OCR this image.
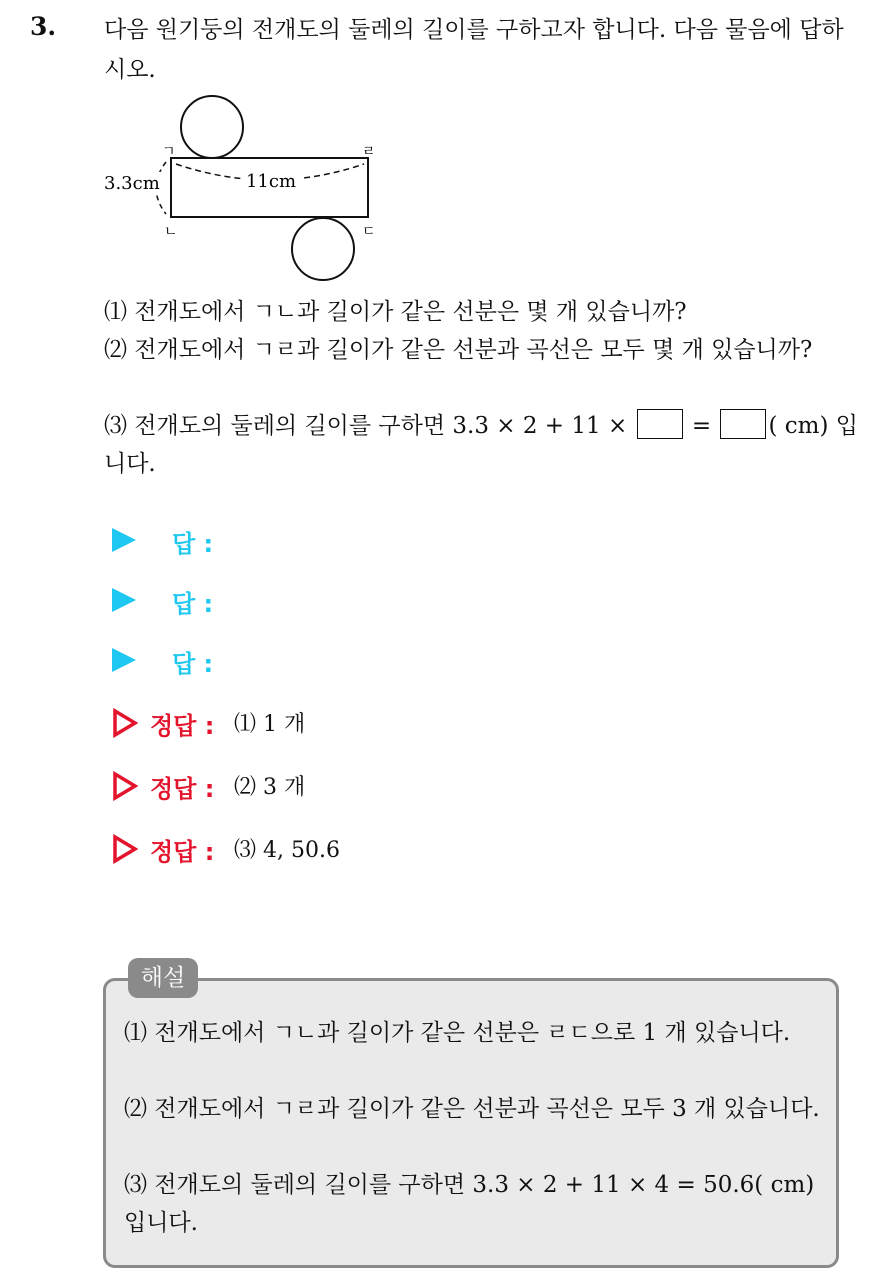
3. 다음 원기둥의 전개도의 둘레의 길이를 구하고자 합니다. 다음 물음에 답하시오.
11cm
3.3cm
ㄱ	ㄹ
ㄴ	ㄷ
⑴ 전개도에서 ㄱㄴ과 길이가 같은 선분은 몇 개 있습니까?
⑵ 전개도에서 ㄱㄹ과 길이가 같은 선분과 곡선은 모두 몇 개 있습니까?
⑶ 전개도의 둘레의 길이를 구하면 3.3 × 2 + 11 ×	= ( cm) 입니다.
답 :
답 :
답 :
정답 : ⑴ 1 개
정답 : ⑵ 3 개
정답 : ⑶ 4, 50.6
해설
⑴ 전개도에서 ㄱㄴ과 길이가 같은 선분은 ㄹㄷ으로 1 개 있습니다.
⑵ 전개도에서 ㄱㄹ과 길이가 같은 선분과 곡선은 모두 3 개 있습니다.
⑶ 전개도의 둘레의 길이를 구하면 3.3 × 2 + 11 × 4 = 50.6( cm) 입니다.
